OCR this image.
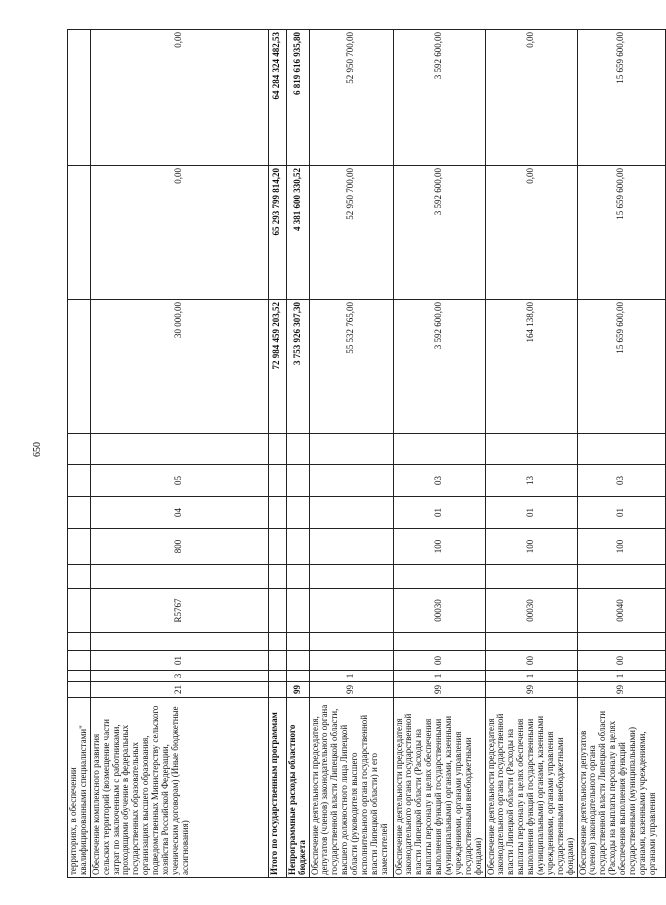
650
территориях, в обеспечении квалифицированными специалистами"													
Обеспечение комплексного развития сельских территорий (возмещение части затрат по заключенным с работниками, проходящими обучение в федеральных государственных образовательных организациях высшего образования, подведомственных Министерству сельского хозяйства Российской Федерации, ученическим договорам) (Иные бюджетные ассигнования)	21	3	01		R5767		800	04	05		30 000,00	0,00	0,00
Итого по государственным программам											72 984 459 203,52	65 293 799 814,20	64 284 324 482,53
Непрограммные расходы областного бюджета	99										3 753 926 307,30	4 381 600 330,52	6 819 616 935,80
Обеспечение деятельности председателя, депутатов (членов) законодательного органа государственной власти Липецкой области, высшего должностного лица Липецкой области (руководителя высшего исполнительного органа государственной власти Липецкой области) и его заместителей	99	1									55 532 765,00	52 950 700,00	52 950 700,00
Обеспечение деятельности председателя законодательного органа государственной власти Липецкой области (Расходы на выплаты персоналу в целях обеспечения выполнения функций государственными (муниципальными) органами, казенными учреждениями, органами управления государственными внебюджетными фондами)	99	1	00		00030		100	01	03		3 592 600,00	3 592 600,00	3 592 600,00
Обеспечение деятельности председателя законодательного органа государственной власти Липецкой области (Расходы на выплаты персоналу в целях обеспечения выполнения функций государственными (муниципальными) органами, казенными учреждениями, органами управления государственными внебюджетными фондами)	99	1	00		00030		100	01	13		164 138,00	0,00	0,00
Обеспечение деятельности депутатов (членов) законодательного органа государственной власти Липецкой области (Расходы на выплаты персоналу в целях обеспечения выполнения функций государственными (муниципальными) органами, казенными учреждениями, органами управления	99	1	00		00040		100	01	03		15 659 600,00	15 659 600,00	15 659 600,00
